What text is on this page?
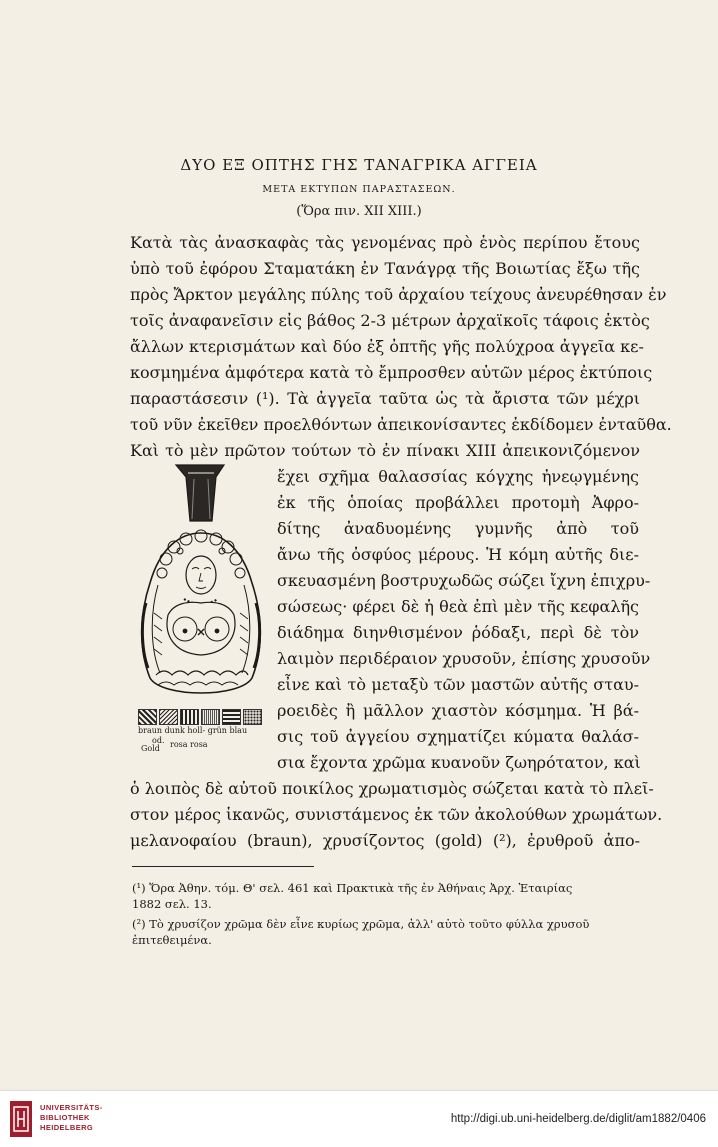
ΔΥΟ ΕΞ ΟΠΤΗΣ ΓΗΣ ΤΑΝΑΓΡΙΚΑ ΑΓΓΕΙΑ
ΜΕΤΑ ΕΚΤΥΠΩΝ ΠΑΡΑΣΤΑΣΕΩΝ.
(Ὅρα πιν. XII XIII.)
Κατὰ τὰς ἀνασκαφὰς τὰς γενομένας πρὸ ἑνὸς περίπου ἔτους
ὑπὸ τοῦ ἐφόρου Σταματάκη ἐν Τανάγρᾳ τῆς Βοιωτίας ἔξω τῆς
πρὸς Ἄρκτον μεγάλης πύλης τοῦ ἀρχαίου τείχους ἀνευρέθησαν ἐν
τοῖς ἀναφανεῖσιν εἰς βάθος 2-3 μέτρων ἀρχαϊκοῖς τάφοις ἐκτὸς
ἄλλων κτερισμάτων καὶ δύο ἐξ ὀπτῆς γῆς πολύχροα ἀγγεῖα κε-
κοσμημένα ἀμφότερα κατὰ τὸ ἔμπροσθεν αὐτῶν μέρος ἐκτύποις
παραστάσεσιν (¹). Τὰ ἀγγεῖα ταῦτα ὡς τὰ ἄριστα τῶν μέχρι
τοῦ νῦν ἐκεῖθεν προελθόντων ἀπεικονίσαντες ἐκδίδομεν ἐνταῦθα.
Καὶ τὸ μὲν πρῶτον τούτων τὸ ἐν πίνακι XIII ἀπεικονιζόμενον
ἔχει σχῆμα θαλασσίας κόγχης ἠνεῳγμένης
ἐκ τῆς ὁποίας προβάλλει προτομὴ Ἀφρο-
δίτης ἀναδυομένης γυμνῆς ἀπὸ τοῦ
ἄνω τῆς ὀσφύος μέρους. Ἡ κόμη αὐτῆς διε-
σκευασμένη βοστρυχωδῶς σώζει ἴχνη ἐπιχρυ-
σώσεως· φέρει δὲ ἡ θεὰ ἐπὶ μὲν τῆς κεφαλῆς
διάδημα διηνθισμένον ῥόδαξι, περὶ δὲ τὸν
λαιμὸν περιδέραιον χρυσοῦν, ἐπίσης χρυσοῦν
εἶνε καὶ τὸ μεταξὺ τῶν μαστῶν αὐτῆς σταυ-
ροειδὲς ἢ μᾶλλον χιαστὸν κόσμημα. Ἡ βά-
σις τοῦ ἀγγείου σχηματίζει κύματα θαλάσ-
σια ἔχοντα χρῶμα κυανοῦν ζωηρότατον, καὶ
braun dunk holl- grün blau
od.
Gold rosa rosa
ὁ λοιπὸς δὲ αὐτοῦ ποικίλος χρωματισμὸς σώζεται κατὰ τὸ πλεῖ-
στον μέρος ἱκανῶς, συνιστάμενος ἐκ τῶν ἀκολούθων χρωμάτων.
μελανοφαίου (braun), χρυσίζοντος (gold) (²), ἐρυθροῦ ἀπο-
(¹) Ὅρα Ἀθην. τόμ. Θ' σελ. 461 καὶ Πρακτικὰ τῆς ἐν Ἀθήναις Ἀρχ. Ἑταιρίας
1882 σελ. 13.
(²) Τὸ χρυσίζον χρῶμα δὲν εἶνε κυρίως χρῶμα, ἀλλ' αὐτὸ τοῦτο φύλλα χρυσοῦ
ἐπιτεθειμένα.
UNIVERSITÄTS-
BIBLIOTHEK
HEIDELBERG
http://digi.ub.uni-heidelberg.de/diglit/am1882/0406
